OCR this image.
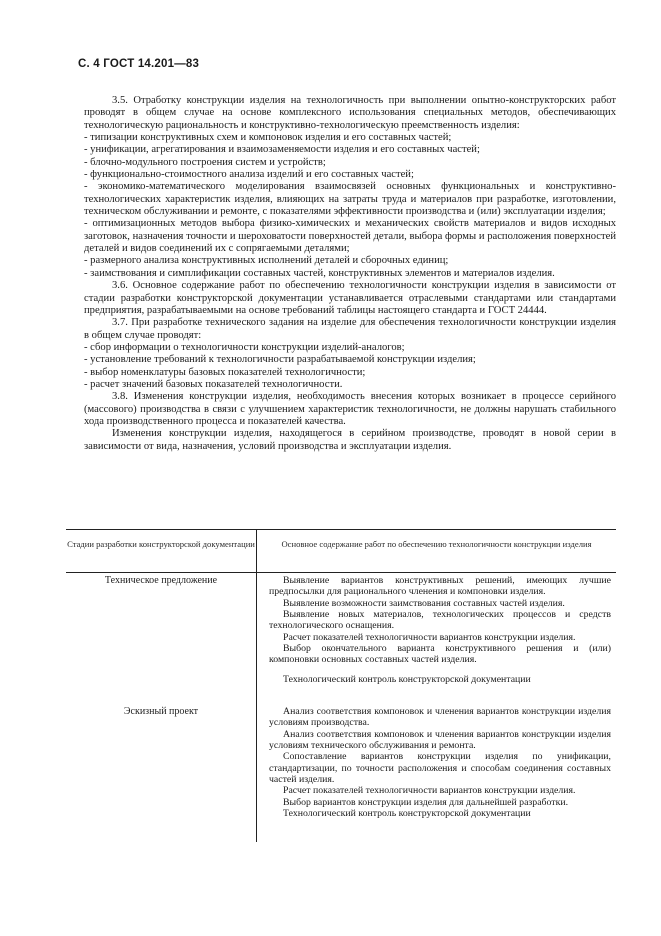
С. 4 ГОСТ 14.201—83

3.5. Отработку конструкции изделия на технологичность при выполнении опытно-конструкторских работ проводят в общем случае на основе комплексного использования специальных методов, обеспечивающих технологическую рациональность и конструктивно-технологическую преемственность изделия:

- типизации конструктивных схем и компоновок изделия и его составных частей;

- унификации, агрегатирования и взаимозаменяемости изделия и его составных частей;

- блочно-модульного построения систем и устройств;

- функционально-стоимостного анализа изделий и его составных частей;

- экономико-математического моделирования взаимосвязей основных функциональных и конструктивно-технологических характеристик изделия, влияющих на затраты труда и материалов при разработке, изготовлении, техническом обслуживании и ремонте, с показателями эффективности производства и (или) эксплуатации изделия;

- оптимизационных методов выбора физико-химических и механических свойств материалов и видов исходных заготовок, назначения точности и шероховатости поверхностей детали, выбора формы и расположения поверхностей деталей и видов соединений их с сопрягаемыми деталями;

- размерного анализа конструктивных исполнений деталей и сборочных единиц;

- заимствования и симплификации составных частей, конструктивных элементов и материалов изделия.

3.6. Основное содержание работ по обеспечению технологичности конструкции изделия в зависимости от стадии разработки конструкторской документации устанавливается отраслевыми стандартами или стандартами предприятия, разрабатываемыми на основе требований таблицы настоящего стандарта и ГОСТ 24444.

3.7. При разработке технического задания на изделие для обеспечения технологичности конструкции изделия в общем случае проводят:

- сбор информации о технологичности конструкции изделий-аналогов;

- установление требований к технологичности разрабатываемой конструкции изделия;

- выбор номенклатуры базовых показателей технологичности;

- расчет значений базовых показателей технологичности.

3.8. Изменения конструкции изделия, необходимость внесения которых возникает в процессе серийного (массового) производства в связи с улучшением характеристик технологичности, не должны нарушать стабильного хода производственного процесса и показателей качества.

Изменения конструкции изделия, находящегося в серийном производстве, проводят в новой серии в зависимости от вида, назначения, условий производства и эксплуатации изделия.

Стадии разработки конструкторской документации	Основное содержание работ по обеспечению технологичности конструкции изделия
Техническое предложение	Выявление вариантов конструктивных решений, имеющих лучшие предпосылки для рационального членения и компоновки изделия.

Выявление возможности заимствования составных частей изделия.

Выявление новых материалов, технологических процессов и средств технологического оснащения.

Расчет показателей технологичности вариантов конструкции изделия.

Выбор окончательного варианта конструктивного решения и (или) компоновки основных составных частей изделия.

Технологический контроль конструкторской документации

Эскизный проект	Анализ соответствия компоновок и членения вариантов конструкции изделия условиям производства.

Анализ соответствия компоновок и членения вариантов конструкции изделия условиям технического обслуживания и ремонта.

Сопоставление вариантов конструкции изделия по унификации, стандартизации, по точности расположения и способам соединения составных частей изделия.

Расчет показателей технологичности вариантов конструкции изделия.

Выбор вариантов конструкции изделия для дальнейшей разработки.

Технологический контроль конструкторской документации
